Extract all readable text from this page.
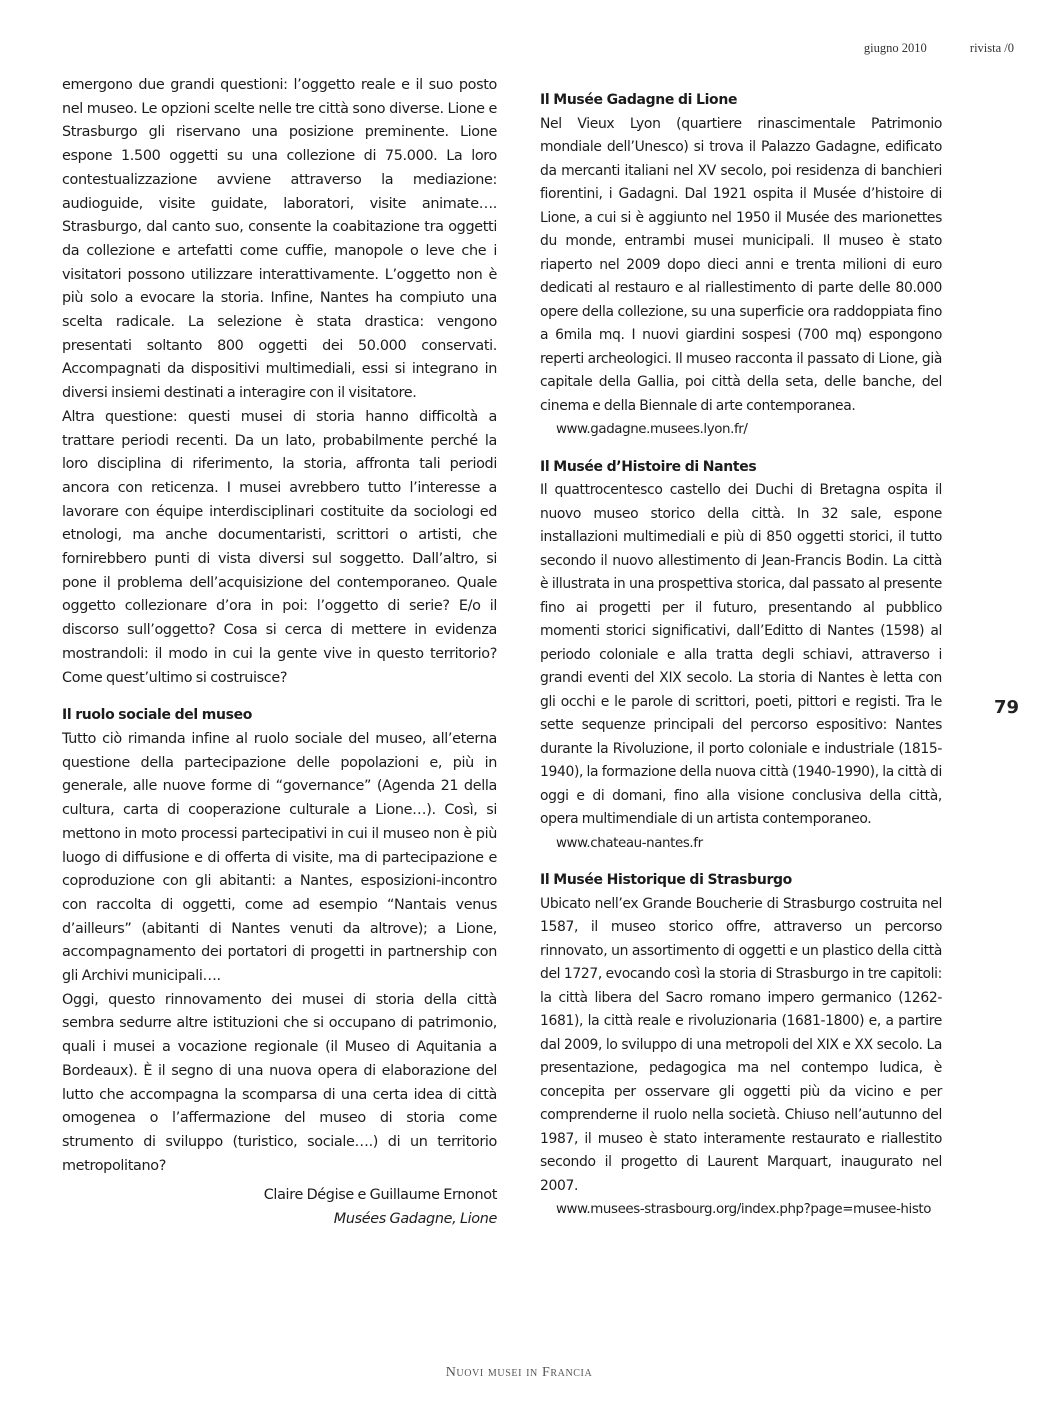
giugno 2010	rivista /0

emergono due grandi questioni: l’oggetto reale e il suo posto nel museo. Le opzioni scelte nelle tre città sono diverse. Lione e Strasburgo gli riservano una posizione preminente. Lione espone 1.500 oggetti su una collezione di 75.000. La loro contestualizzazione avviene attraverso la mediazione: audioguide, visite guidate, laboratori, visite animate…. Strasburgo, dal canto suo, consente la coabitazione tra oggetti da collezione e artefatti come cuffie, manopole o leve che i visitatori possono utilizzare interattivamente. L’oggetto non è più solo a evocare la storia. Infine, Nantes ha compiuto una scelta radicale. La selezione è stata drastica: vengono presentati soltanto 800 oggetti dei 50.000 conservati. Accompagnati da dispositivi multimediali, essi si integrano in diversi insiemi destinati a interagire con il visitatore.

Altra questione: questi musei di storia hanno difficoltà a trattare periodi recenti. Da un lato, probabilmente perché la loro disciplina di riferimento, la storia, affronta tali periodi ancora con reticenza. I musei avrebbero tutto l’interesse a lavorare con équipe interdisciplinari costituite da sociologi ed etnologi, ma anche documentaristi, scrittori o artisti, che fornirebbero punti di vista diversi sul soggetto. Dall’altro, si pone il problema dell’acquisizione del contemporaneo. Quale oggetto collezionare d’ora in poi: l’oggetto di serie? E/o il discorso sull’oggetto? Cosa si cerca di mettere in evidenza mostrandoli: il modo in cui la gente vive in questo territorio? Come quest’ultimo si costruisce?

Il ruolo sociale del museo

Tutto ciò rimanda infine al ruolo sociale del museo, all’eterna questione della partecipazione delle popolazioni e, più in generale, alle nuove forme di “governance” (Agenda 21 della cultura, carta di cooperazione culturale a Lione…). Così, si mettono in moto processi partecipativi in cui il museo non è più luogo di diffusione e di offerta di visite, ma di partecipazione e coproduzione con gli abitanti: a Nantes, esposizioni-incontro con raccolta di oggetti, come ad esempio “Nantais venus d’ailleurs” (abitanti di Nantes venuti da altrove); a Lione, accompagnamento dei portatori di progetti in partnership con gli Archivi municipali….

Oggi, questo rinnovamento dei musei di storia della città sembra sedurre altre istituzioni che si occupano di patrimonio, quali i musei a vocazione regionale (il Museo di Aquitania a Bordeaux). È il segno di una nuova opera di elaborazione del lutto che accompagna la scomparsa di una certa idea di città omogenea o l’affermazione del museo di storia come strumento di sviluppo (turistico, sociale….) di un territorio metropolitano?

Claire Dégise e Guillaume Ernonot

Musées Gadagne, Lione

Il Musée Gadagne di Lione

Nel Vieux Lyon (quartiere rinascimentale Patrimonio mondiale dell’Unesco) si trova il Palazzo Gadagne, edificato da mercanti italiani nel XV secolo, poi residenza di banchieri fiorentini, i Gadagni. Dal 1921 ospita il Musée d’histoire di Lione, a cui si è aggiunto nel 1950 il Musée des marionettes du monde, entrambi musei municipali. Il museo è stato riaperto nel 2009 dopo dieci anni e trenta milioni di euro dedicati al restauro e al riallestimento di parte delle 80.000 opere della collezione, su una superficie ora raddoppiata fino a 6mila mq. I nuovi giardini sospesi (700 mq) espongono reperti archeologici. Il museo racconta il passato di Lione, già capitale della Gallia, poi città della seta, delle banche, del cinema e della Biennale di arte contemporanea.

www.gadagne.musees.lyon.fr/

Il Musée d’Histoire di Nantes

Il quattrocentesco castello dei Duchi di Bretagna ospita il nuovo museo storico della città. In 32 sale, espone installazioni multimediali e più di 850 oggetti storici, il tutto secondo il nuovo allestimento di Jean-Francis Bodin. La città è illustrata in una prospettiva storica, dal passato al presente fino ai progetti per il futuro, presentando al pubblico momenti storici significativi, dall’Editto di Nantes (1598) al periodo coloniale e alla tratta degli schiavi, attraverso i grandi eventi del XIX secolo. La storia di Nantes è letta con gli occhi e le parole di scrittori, poeti, pittori e registi. Tra le sette sequenze principali del percorso espositivo: Nantes durante la Rivoluzione, il porto coloniale e industriale (1815-1940), la formazione della nuova città (1940-1990), la città di oggi e di domani, fino alla visione conclusiva della città, opera multimendiale di un artista contemporaneo.

www.chateau-nantes.fr

Il Musée Historique di Strasburgo

Ubicato nell’ex Grande Boucherie di Strasburgo costruita nel 1587, il museo storico offre, attraverso un percorso rinnovato, un assortimento di oggetti e un plastico della città del 1727, evocando così la storia di Strasburgo in tre capitoli: la città libera del Sacro romano impero germanico (1262-1681), la città reale e rivoluzionaria (1681-1800) e, a partire dal 2009, lo sviluppo di una metropoli del XIX e XX secolo. La presentazione, pedagogica ma nel contempo ludica, è concepita per osservare gli oggetti più da vicino e per comprenderne il ruolo nella società. Chiuso nell’autunno del 1987, il museo è stato interamente restaurato e riallestito secondo il progetto di Laurent Marquart, inaugurato nel 2007.

www.musees-strasbourg.org/index.php?page=musee-histo

79
Nuovi musei in Francia
